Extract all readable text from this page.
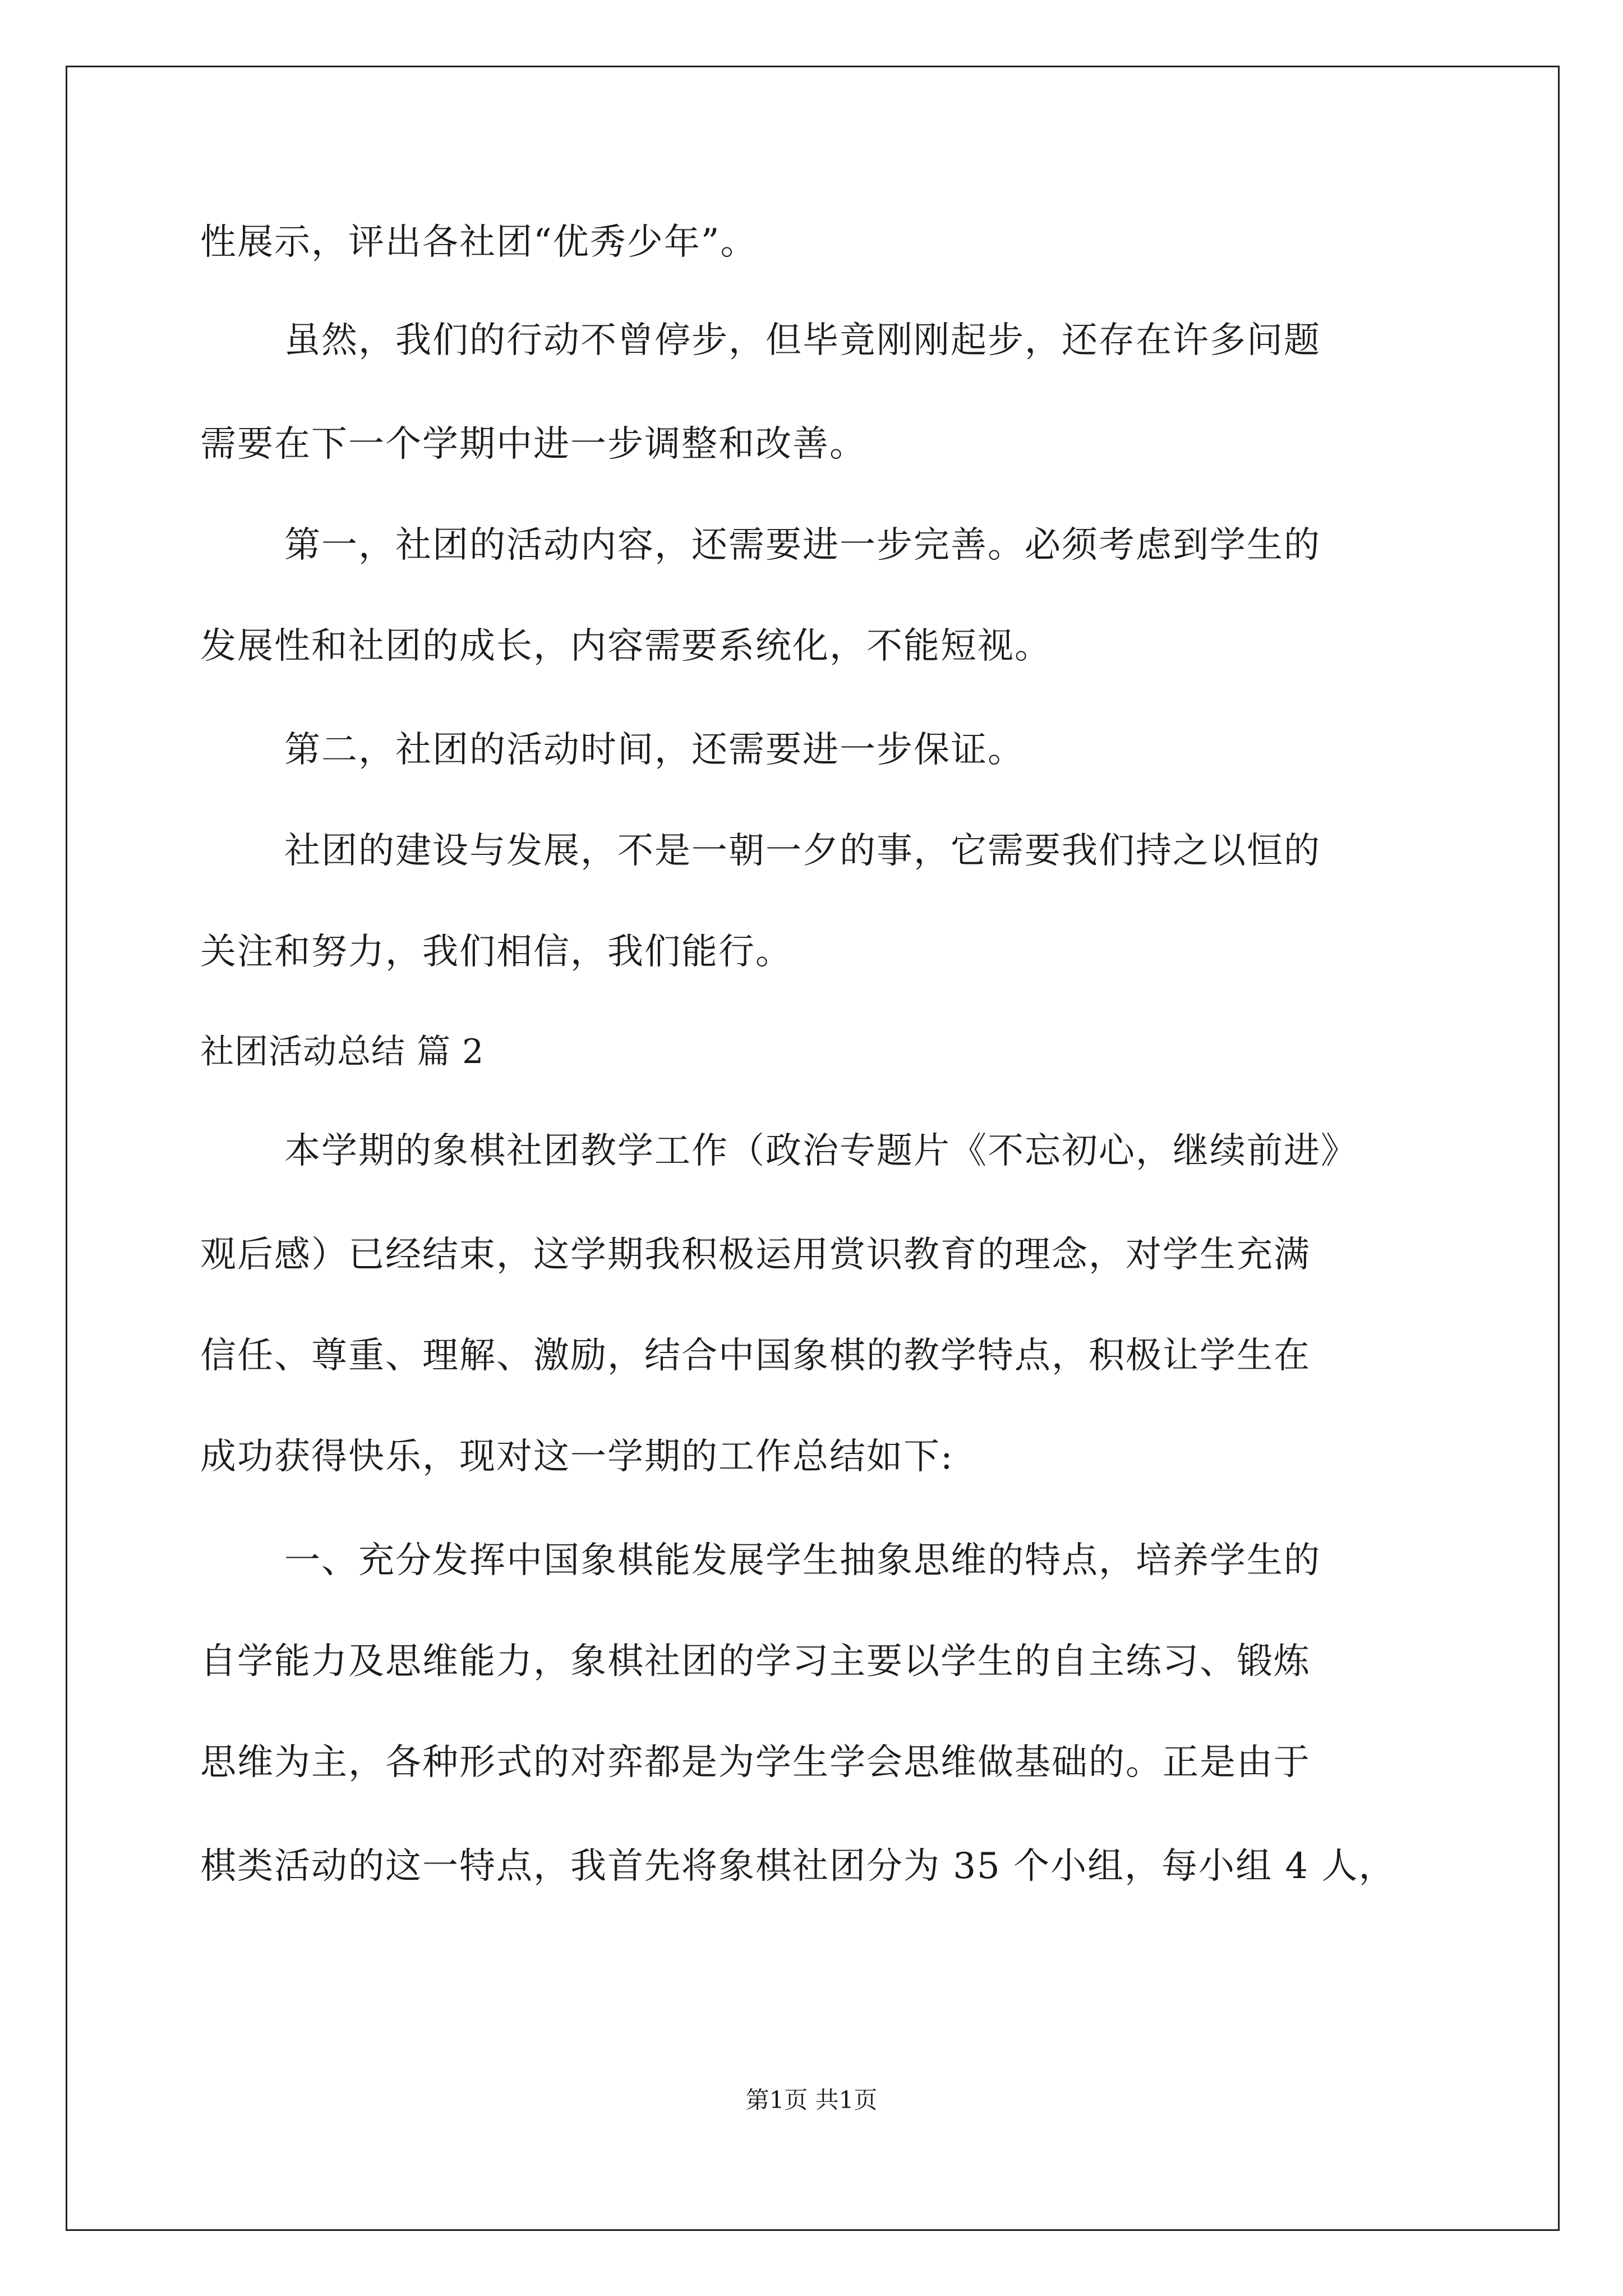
性展示，评出各社团“优秀少年”。
虽然，我们的行动不曾停步，但毕竟刚刚起步，还存在许多问题
需要在下一个学期中进一步调整和改善。
第一，社团的活动内容，还需要进一步完善。必须考虑到学生的
发展性和社团的成长，内容需要系统化，不能短视。
第二，社团的活动时间，还需要进一步保证。
社团的建设与发展，不是一朝一夕的事，它需要我们持之以恒的
关注和努力，我们相信，我们能行。
社团活动总结 篇 2
本学期的象棋社团教学工作（政治专题片《不忘初心，继续前进》
观后感）已经结束，这学期我积极运用赏识教育的理念，对学生充满
信任、尊重、理解、激励，结合中国象棋的教学特点，积极让学生在
成功获得快乐，现对这一学期的工作总结如下:
一、充分发挥中国象棋能发展学生抽象思维的特点，培养学生的
自学能力及思维能力，象棋社团的学习主要以学生的自主练习、锻炼
思维为主，各种形式的对弈都是为学生学会思维做基础的。正是由于
棋类活动的这一特点，我首先将象棋社团分为 35 个小组，每小组 4 人，
第1页 共1页
